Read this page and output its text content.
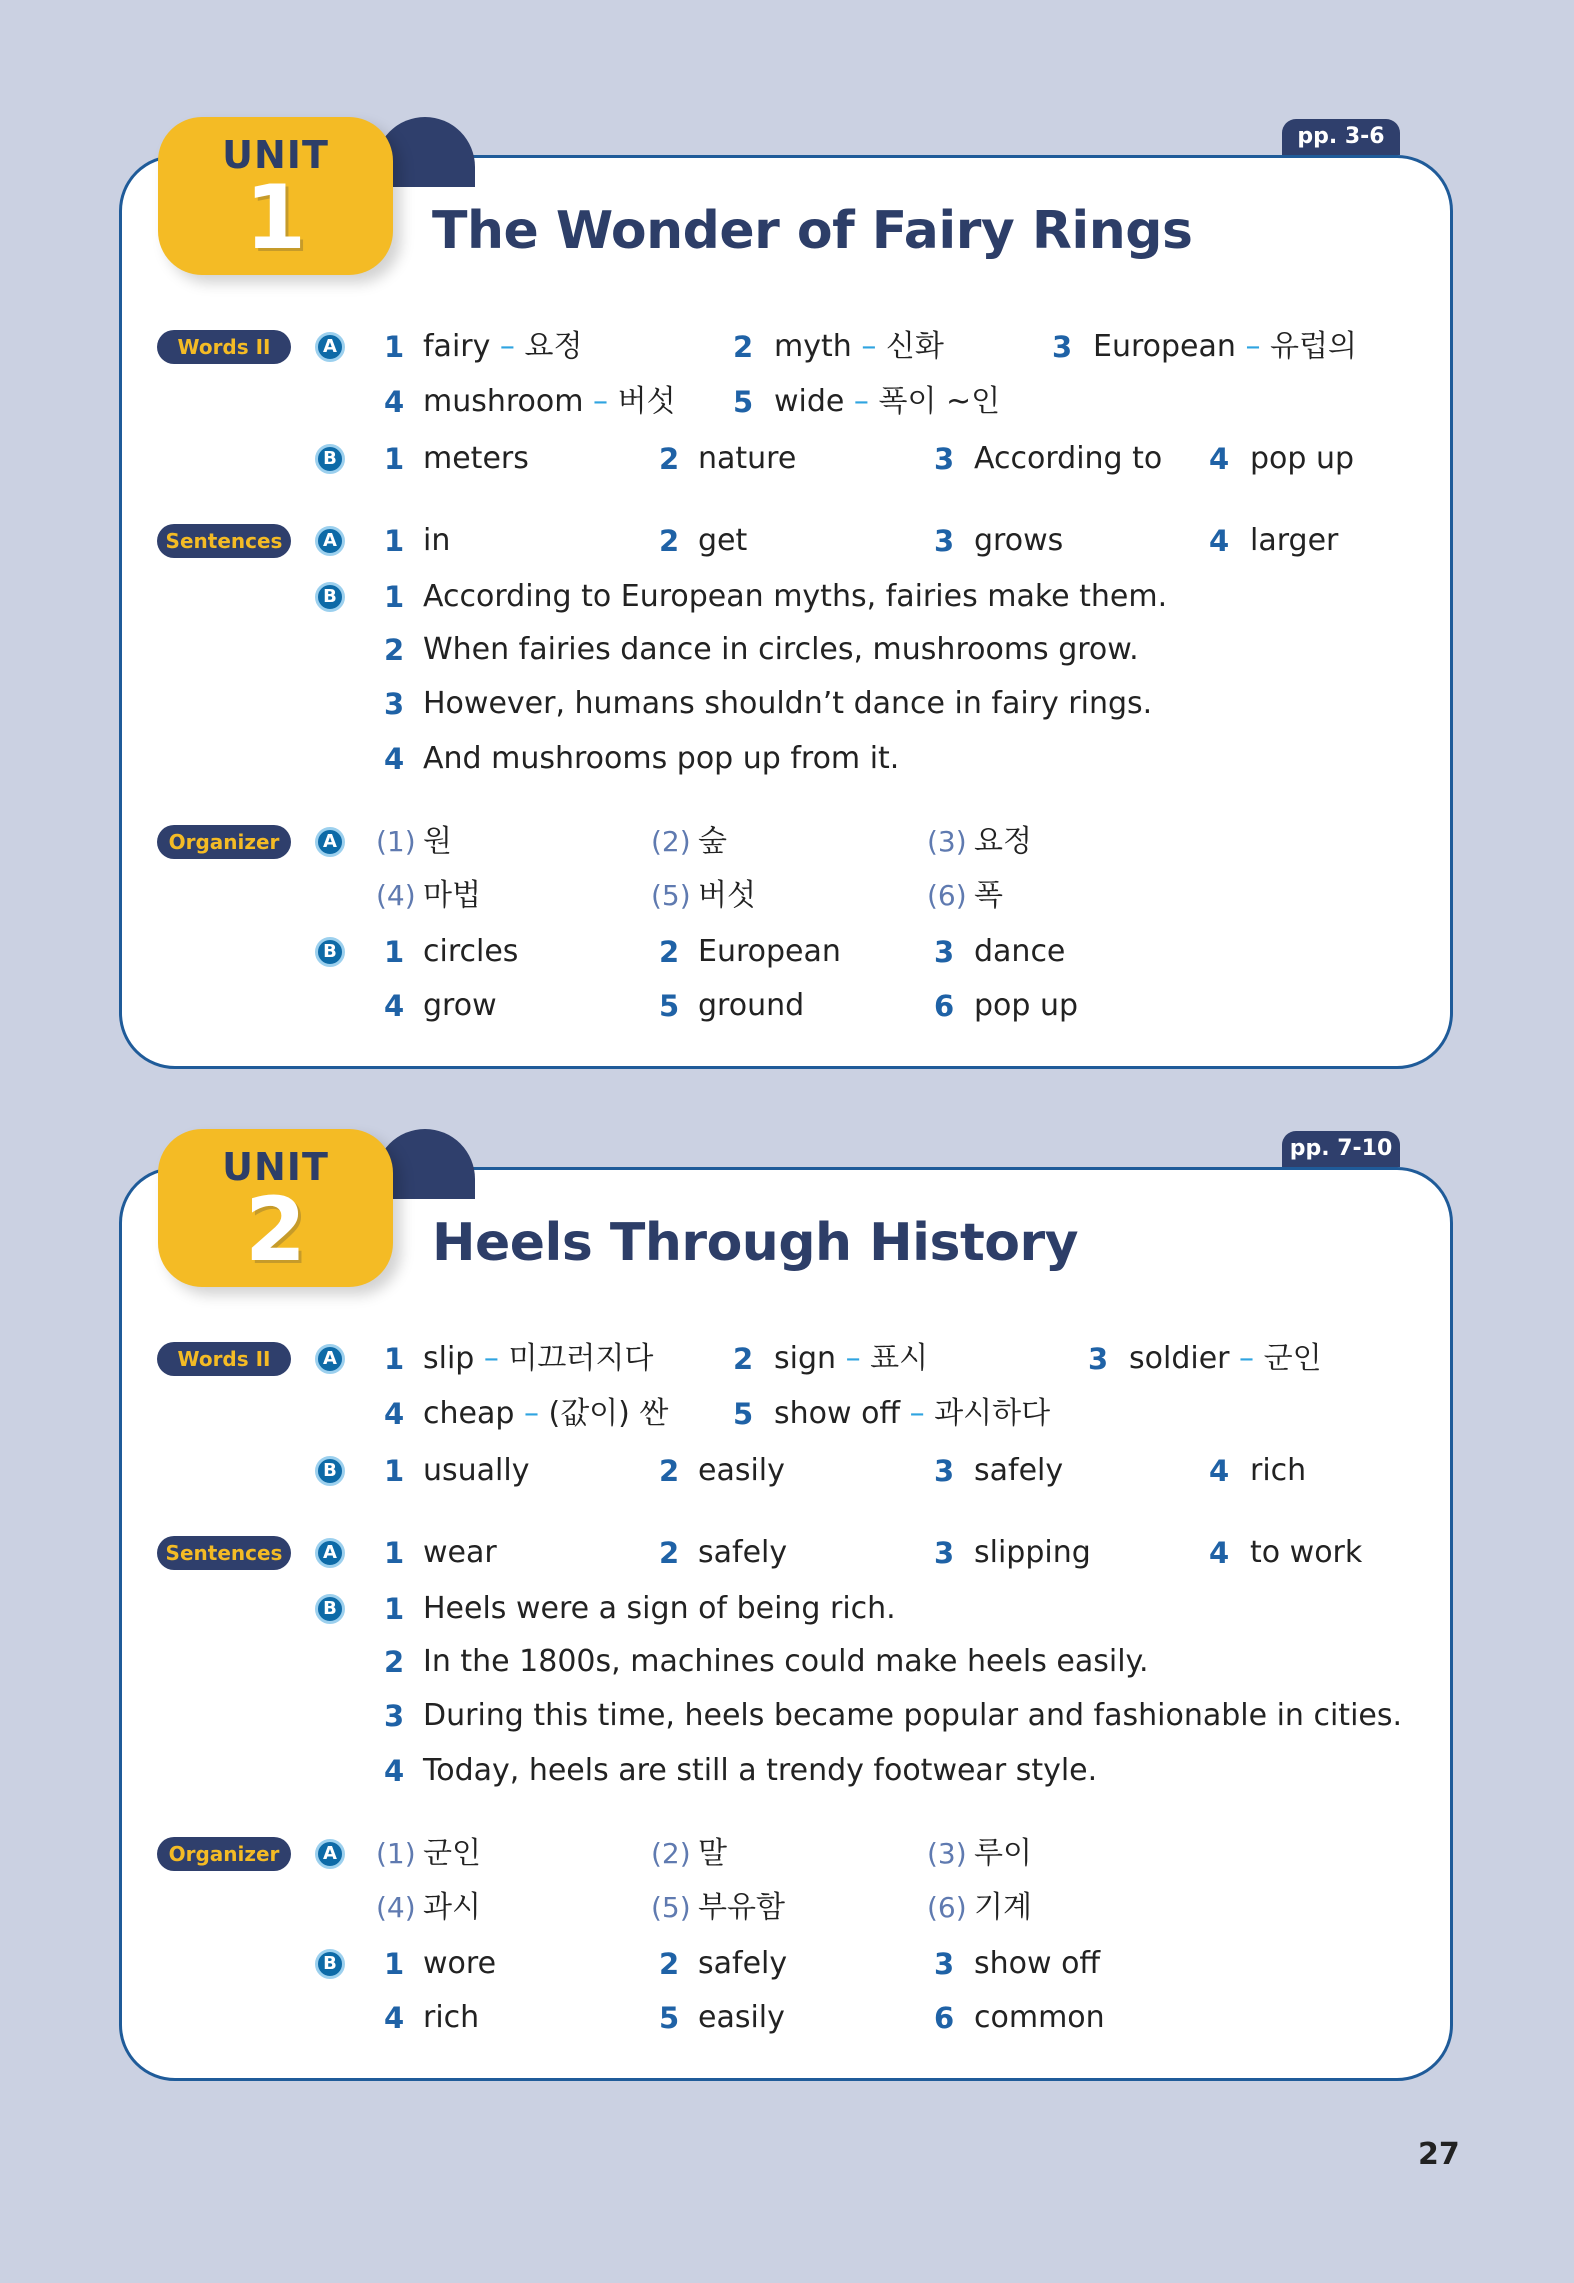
UNIT
1
pp. 3-6
The Wonder of Fairy Rings
Words II	A 1 fairy – 요정	2 myth – 신화	3 European – 유럽의
4 mushroom – 버섯 5 wide – 폭이 ~인
B 1 meters	2 nature	3 According to 4 pop up
Sentences	A 1 in	2 get	3 grows	4 larger
B 1 According to European myths, fairies make them.
2 When fairies dance in circles, mushrooms grow.
3 However, humans shouldn’t dance in fairy rings.
4 And mushrooms pop up from it.
Organizer	A (1) 원	(2) 숲	(3) 요정
(4) 마법	(5) 버섯	(6) 폭
B 1 circles	2 European	3 dance
4 grow	5 ground	6 pop up
UNIT
2
pp. 7-10
Heels Through History
Words II	A 1 slip – 미끄러지다	2 sign – 표시	3 soldier – 군인
4 cheap – (값이) 싼 5 show off – 과시하다
B 1 usually	2 easily	3 safely	4 rich
Sentences	A 1 wear	2 safely	3 slipping	4 to work
B 1 Heels were a sign of being rich.
2 In the 1800s, machines could make heels easily.
3 During this time, heels became popular and fashionable in cities.
4 Today, heels are still a trendy footwear style.
Organizer	A (1) 군인	(2) 말	(3) 루이
(4) 과시	(5) 부유함	(6) 기계
B 1 wore	2 safely	3 show off
4 rich	5 easily	6 common
27
